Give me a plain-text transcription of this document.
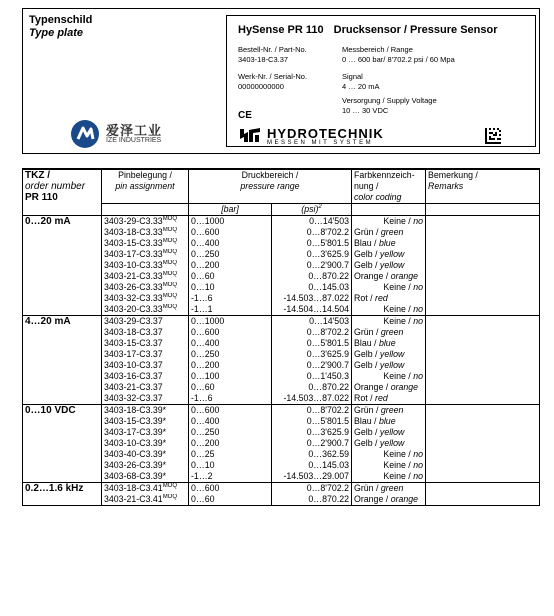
Typenschild
Type plate
爱泽工业
IZE INDUSTRIES
HySense PR 110 Drucksensor / Pressure Sensor
Bestell-Nr. / Part-No.
3403-18-C3.37
Messbereich / Range
0 … 600 bar/ 8'702.2 psi / 60 Mpa
Werk-Nr. / Serial-No.
00000000000
Signal
4 … 20 mA
Versorgung / Supply Voltage
10 … 30 VDC
CE
HYDROTECHNIK
MESSEN MIT SYSTEM
TKZ /
order number
PR 110	Pinbelegung /	Druckbereich /		Farbkennzeich-	Bemerkung /
	pin assignment	pressure range		nung /	Remarks
				color coding	
		[bar]	(psi)$^2$		
0…20 mA	$3403-29-C3.33^{MOQ}$	0…1000	0…14'503	Keine / no	
	$3403-18-C3.33^{MOQ}$	0…600	0…8'702.2	Grün / green	
	$3403-15-C3.33^{MOQ}$	0…400	0…5'801.5	Blau / blue	
	$3403-17-C3.33^{MOQ}$	0…250	0…3'625.9	Gelb / yellow	
	$3403-10-C3.33^{MOQ}$	0…200	0…2'900.7	Gelb / yellow	
	$3403-21-C3.33^{MOQ}$	0…60	0…870.22	Orange / orange	
	$3403-26-C3.33^{MOQ}$	0…10	0…145.03	Keine / no	
	$3403-32-C3.33^{MOQ}$	-1…6	-14.503…87.022	Rot / red	
	$3403-20-C3.33^{MOQ}$	-1…1	-14.504…14.504	Keine / no	
4…20 mA	3403-29-C3.37	0…1000	0…14'503	Keine / no	
	3403-18-C3.37	0…600	0…8'702.2	Grün / green	
	3403-15-C3.37	0…400	0…5'801.5	Blau / blue	
	3403-17-C3.37	0…250	0…3'625.9	Gelb / yellow	
	3403-10-C3.37	0…200	0…2'900.7	Gelb / yellow	
	3403-16-C3.37	0…100	0…1'450.3	Keine / no	
	3403-21-C3.37	0…60	0…870.22	Orange / orange	
	3403-32-C3.37	-1…6	-14.503…87.022	Rot / red	
0…10 VDC	3403-18-C3.39*	0…600	0…8'702.2	Grün / green	
	3403-15-C3.39*	0…400	0…5'801.5	Blau / blue	
	3403-17-C3.39*	0…250	0…3'625.9	Gelb / yellow	
	3403-10-C3.39*	0…200	0…2'900.7	Gelb / yellow	
	3403-40-C3.39*	0…25	0…362.59	Keine / no	
	3403-26-C3.39*	0…10	0…145.03	Keine / no	
	3403-68-C3.39*	-1…2	-14.503…29.007	Keine / no	
0.2…1.6 kHz	$3403-18-C3.41^{MOQ}$	0…600	0…8'702.2	Grün / green	
	$3403-21-C3.41^{MOQ}$	0…60	0…870.22	Orange / orange	
